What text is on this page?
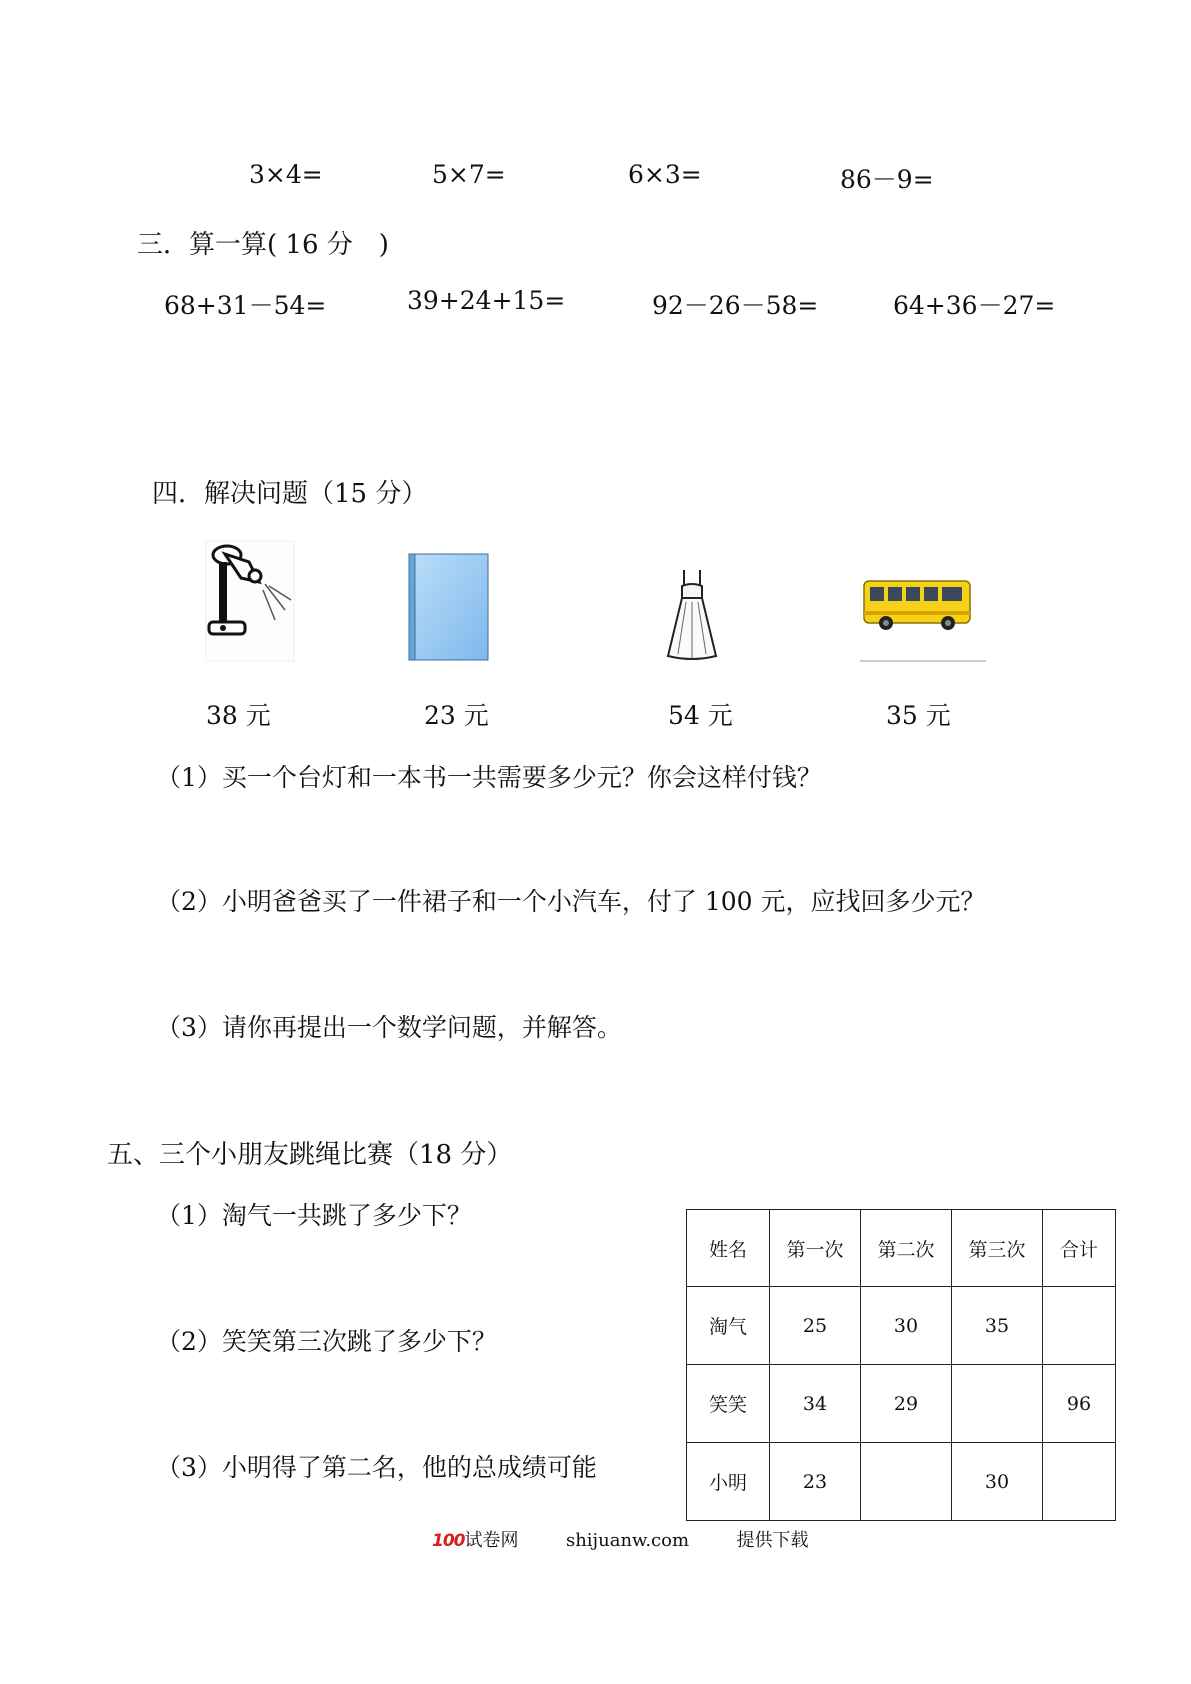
3×4=	5×7=	6×3=	86－9=
三．算一算( 16 分　)
68+31－54=	39+24+15=	92－26－58=	64+36－27=
四．解决问题（15 分）
38 元	23 元	54 元	35 元
（1）买一个台灯和一本书一共需要多少元？你会这样付钱？
（2）小明爸爸买了一件裙子和一个小汽车，付了 100 元，应找回多少元？
（3）请你再提出一个数学问题，并解答。
五、三个小朋友跳绳比赛（18 分）
（1）淘气一共跳了多少下？
（2）笑笑第三次跳了多少下？
（3）小明得了第二名，他的总成绩可能
姓名	第一次	第二次	第三次	合计
淘气	25	30	35	
笑笑	34	29		96
小明	23		30	
100试卷网	shijuanw.com	提供下载
